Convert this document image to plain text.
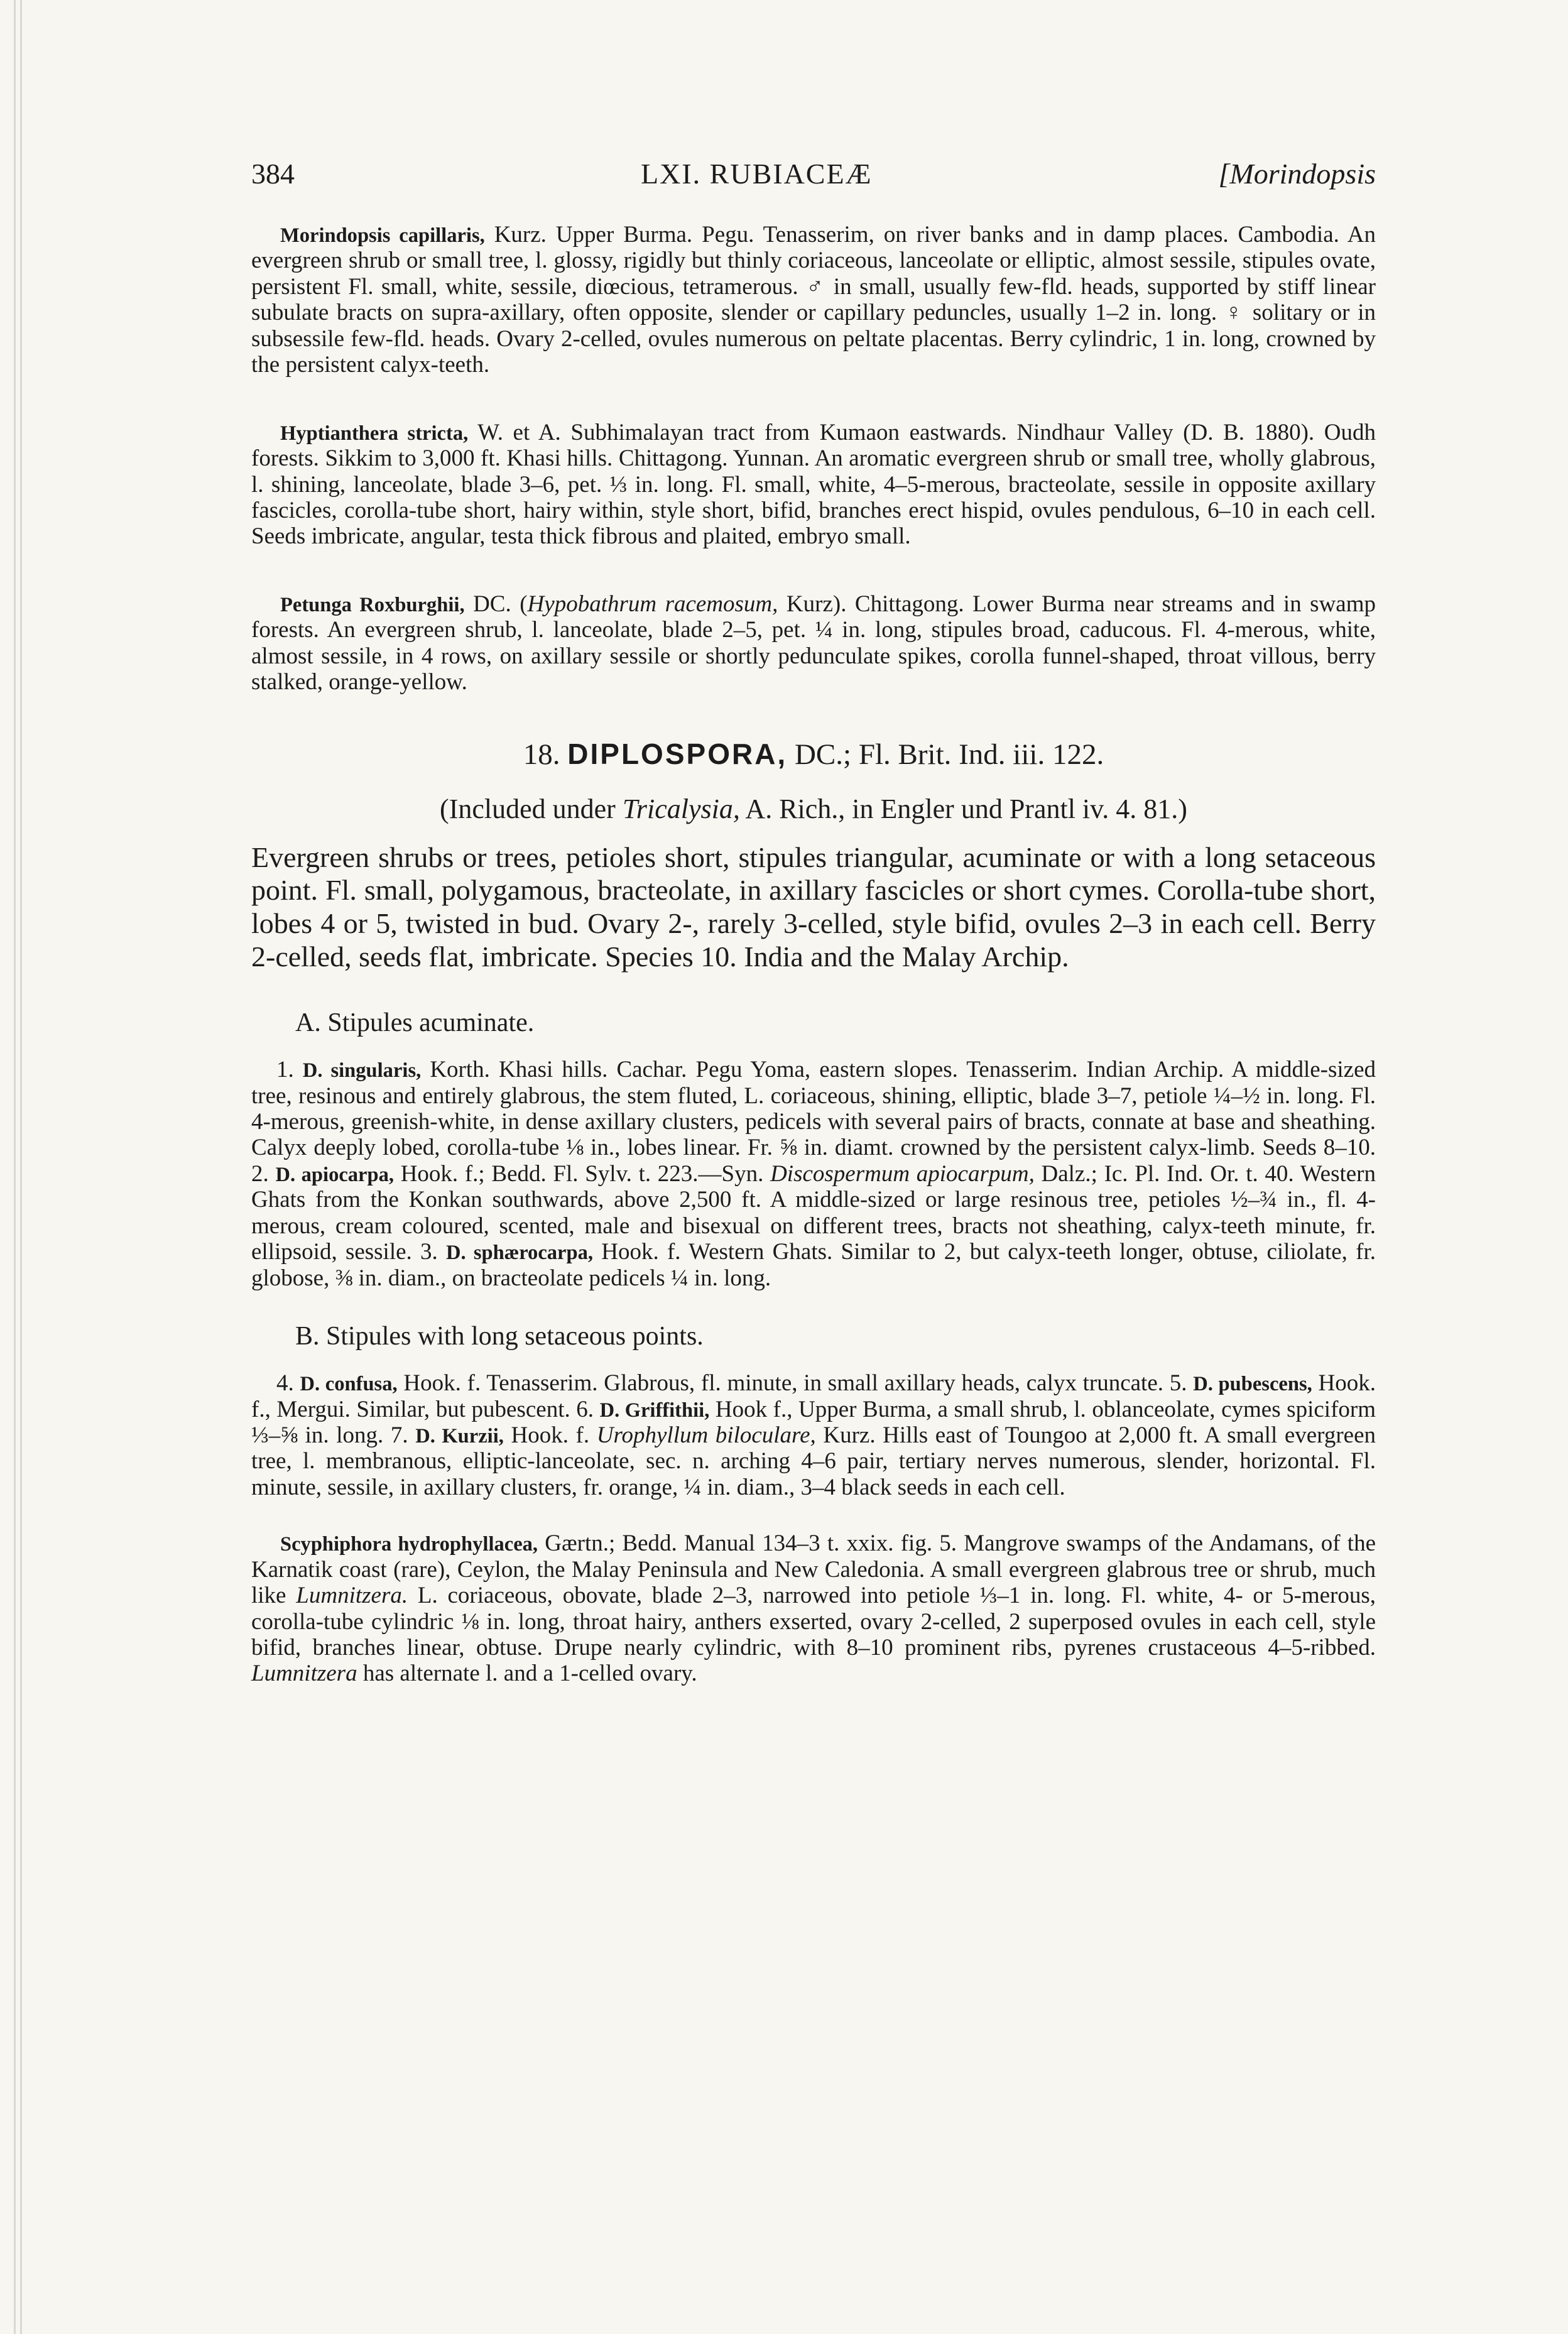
384	LXI. RUBIACEÆ	[Morindopsis

Morindopsis capillaris, Kurz. Upper Burma. Pegu. Tenasserim, on river banks and in damp places. Cambodia. An evergreen shrub or small tree, l. glossy, rigidly but thinly coriaceous, lanceolate or elliptic, almost sessile, stipules ovate, persistent Fl. small, white, sessile, diœcious, tetramerous. ♂ in small, usually few-fld. heads, supported by stiff linear subulate bracts on supra-axillary, often opposite, slender or capillary peduncles, usually 1–2 in. long. ♀ solitary or in subsessile few-fld. heads. Ovary 2-celled, ovules numerous on peltate placentas. Berry cylindric, 1 in. long, crowned by the persistent calyx-teeth.

Hyptianthera stricta, W. et A. Subhimalayan tract from Kumaon eastwards. Nindhaur Valley (D. B. 1880). Oudh forests. Sikkim to 3,000 ft. Khasi hills. Chittagong. Yunnan. An aromatic evergreen shrub or small tree, wholly glabrous, l. shining, lanceolate, blade 3–6, pet. ⅓ in. long. Fl. small, white, 4–5-merous, bracteolate, sessile in opposite axillary fascicles, corolla-tube short, hairy within, style short, bifid, branches erect hispid, ovules pendulous, 6–10 in each cell. Seeds imbricate, angular, testa thick fibrous and plaited, embryo small.

Petunga Roxburghii, DC. (Hypobathrum racemosum, Kurz). Chittagong. Lower Burma near streams and in swamp forests. An evergreen shrub, l. lanceolate, blade 2–5, pet. ¼ in. long, stipules broad, caducous. Fl. 4-merous, white, almost sessile, in 4 rows, on axillary sessile or shortly pedunculate spikes, corolla funnel-shaped, throat villous, berry stalked, orange-yellow.

18. DIPLOSPORA, DC.; Fl. Brit. Ind. iii. 122.
(Included under Tricalysia, A. Rich., in Engler und Prantl iv. 4. 81.)

Evergreen shrubs or trees, petioles short, stipules triangular, acuminate or with a long setaceous point. Fl. small, polygamous, bracteolate, in axillary fascicles or short cymes. Corolla-tube short, lobes 4 or 5, twisted in bud. Ovary 2-, rarely 3-celled, style bifid, ovules 2–3 in each cell. Berry 2-celled, seeds flat, imbricate. Species 10. India and the Malay Archip.

A. Stipules acuminate.

1. D. singularis, Korth. Khasi hills. Cachar. Pegu Yoma, eastern slopes. Tenasserim. Indian Archip. A middle-sized tree, resinous and entirely glabrous, the stem fluted, L. coriaceous, shining, elliptic, blade 3–7, petiole ¼–½ in. long. Fl. 4-merous, greenish-white, in dense axillary clusters, pedicels with several pairs of bracts, connate at base and sheathing. Calyx deeply lobed, corolla-tube ⅛ in., lobes linear. Fr. ⅝ in. diamt. crowned by the persistent calyx-limb. Seeds 8–10. 2. D. apiocarpa, Hook. f.; Bedd. Fl. Sylv. t. 223.—Syn. Discospermum apiocarpum, Dalz.; Ic. Pl. Ind. Or. t. 40. Western Ghats from the Konkan southwards, above 2,500 ft. A middle-sized or large resinous tree, petioles ½–¾ in., fl. 4-merous, cream coloured, scented, male and bisexual on different trees, bracts not sheathing, calyx-teeth minute, fr. ellipsoid, sessile. 3. D. sphærocarpa, Hook. f. Western Ghats. Similar to 2, but calyx-teeth longer, obtuse, ciliolate, fr. globose, ⅜ in. diam., on bracteolate pedicels ¼ in. long.

B. Stipules with long setaceous points.

4. D. confusa, Hook. f. Tenasserim. Glabrous, fl. minute, in small axillary heads, calyx truncate. 5. D. pubescens, Hook. f., Mergui. Similar, but pubescent. 6. D. Griffithii, Hook f., Upper Burma, a small shrub, l. oblanceolate, cymes spiciform ⅓–⅝ in. long. 7. D. Kurzii, Hook. f. Urophyllum biloculare, Kurz. Hills east of Toungoo at 2,000 ft. A small evergreen tree, l. membranous, elliptic-lanceolate, sec. n. arching 4–6 pair, tertiary nerves numerous, slender, horizontal. Fl. minute, sessile, in axillary clusters, fr. orange, ¼ in. diam., 3–4 black seeds in each cell.

Scyphiphora hydrophyllacea, Gærtn.; Bedd. Manual 134–3 t. xxix. fig. 5. Mangrove swamps of the Andamans, of the Karnatik coast (rare), Ceylon, the Malay Peninsula and New Caledonia. A small evergreen glabrous tree or shrub, much like Lumnitzera. L. coriaceous, obovate, blade 2–3, narrowed into petiole ⅓–1 in. long. Fl. white, 4- or 5-merous, corolla-tube cylindric ⅛ in. long, throat hairy, anthers exserted, ovary 2-celled, 2 superposed ovules in each cell, style bifid, branches linear, obtuse. Drupe nearly cylindric, with 8–10 prominent ribs, pyrenes crustaceous 4–5-ribbed. Lumnitzera has alternate l. and a 1-celled ovary.
